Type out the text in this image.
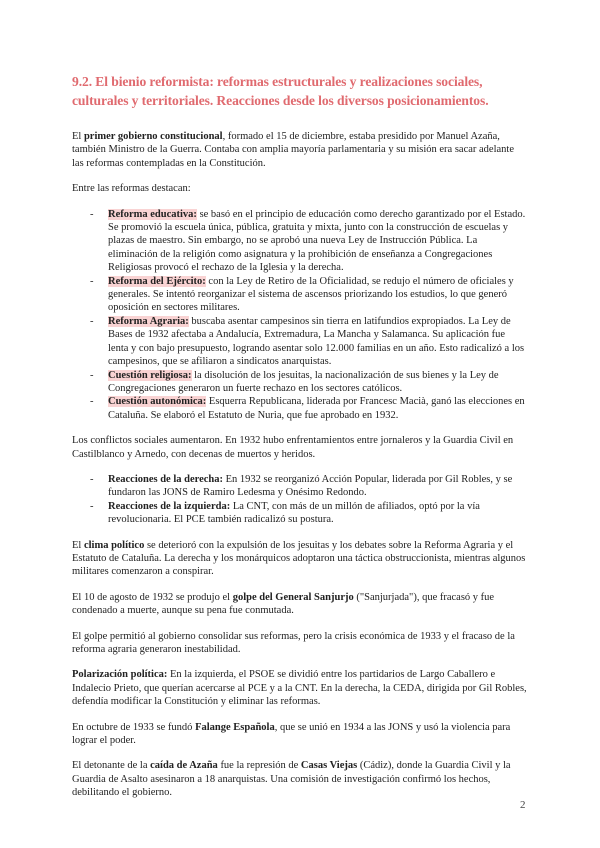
9.2. El bienio reformista: reformas estructurales y realizaciones sociales, culturales y territoriales. Reacciones desde los diversos posicionamientos.

El primer gobierno constitucional, formado el 15 de diciembre, estaba presidido por Manuel Azaña, también Ministro de la Guerra. Contaba con amplia mayoría parlamentaria y su misión era sacar adelante las reformas contempladas en la Constitución.

Entre las reformas destacan:

- Reforma educativa: se basó en el principio de educación como derecho garantizado por el Estado. Se promovió la escuela única, pública, gratuita y mixta, junto con la construcción de escuelas y plazas de maestro. Sin embargo, no se aprobó una nueva Ley de Instrucción Pública. La eliminación de la religión como asignatura y la prohibición de enseñanza a Congregaciones Religiosas provocó el rechazo de la Iglesia y la derecha.
- Reforma del Ejército: con la Ley de Retiro de la Oficialidad, se redujo el número de oficiales y generales. Se intentó reorganizar el sistema de ascensos priorizando los estudios, lo que generó oposición en sectores militares.
- Reforma Agraria: buscaba asentar campesinos sin tierra en latifundios expropiados. La Ley de Bases de 1932 afectaba a Andalucía, Extremadura, La Mancha y Salamanca. Su aplicación fue lenta y con bajo presupuesto, logrando asentar solo 12.000 familias en un año. Esto radicalizó a los campesinos, que se afiliaron a sindicatos anarquistas.
- Cuestión religiosa: la disolución de los jesuitas, la nacionalización de sus bienes y la Ley de Congregaciones generaron un fuerte rechazo en los sectores católicos.
- Cuestión autonómica: Esquerra Republicana, liderada por Francesc Macià, ganó las elecciones en Cataluña. Se elaboró el Estatuto de Nuria, que fue aprobado en 1932.

Los conflictos sociales aumentaron. En 1932 hubo enfrentamientos entre jornaleros y la Guardia Civil en Castilblanco y Arnedo, con decenas de muertos y heridos.

- Reacciones de la derecha: En 1932 se reorganizó Acción Popular, liderada por Gil Robles, y se fundaron las JONS de Ramiro Ledesma y Onésimo Redondo.
- Reacciones de la izquierda: La CNT, con más de un millón de afiliados, optó por la vía revolucionaria. El PCE también radicalizó su postura.

El clima político se deterioró con la expulsión de los jesuitas y los debates sobre la Reforma Agraria y el Estatuto de Cataluña. La derecha y los monárquicos adoptaron una táctica obstruccionista, mientras algunos militares comenzaron a conspirar.

El 10 de agosto de 1932 se produjo el golpe del General Sanjurjo ("Sanjurjada"), que fracasó y fue condenado a muerte, aunque su pena fue conmutada.

El golpe permitió al gobierno consolidar sus reformas, pero la crisis económica de 1933 y el fracaso de la reforma agraria generaron inestabilidad.

Polarización política: En la izquierda, el PSOE se dividió entre los partidarios de Largo Caballero e Indalecio Prieto, que querían acercarse al PCE y a la CNT. En la derecha, la CEDA, dirigida por Gil Robles, defendía modificar la Constitución y eliminar las reformas.

En octubre de 1933 se fundó Falange Española, que se unió en 1934 a las JONS y usó la violencia para lograr el poder.

El detonante de la caída de Azaña fue la represión de Casas Viejas (Cádiz), donde la Guardia Civil y la Guardia de Asalto asesinaron a 18 anarquistas. Una comisión de investigación confirmó los hechos, debilitando el gobierno.

2
